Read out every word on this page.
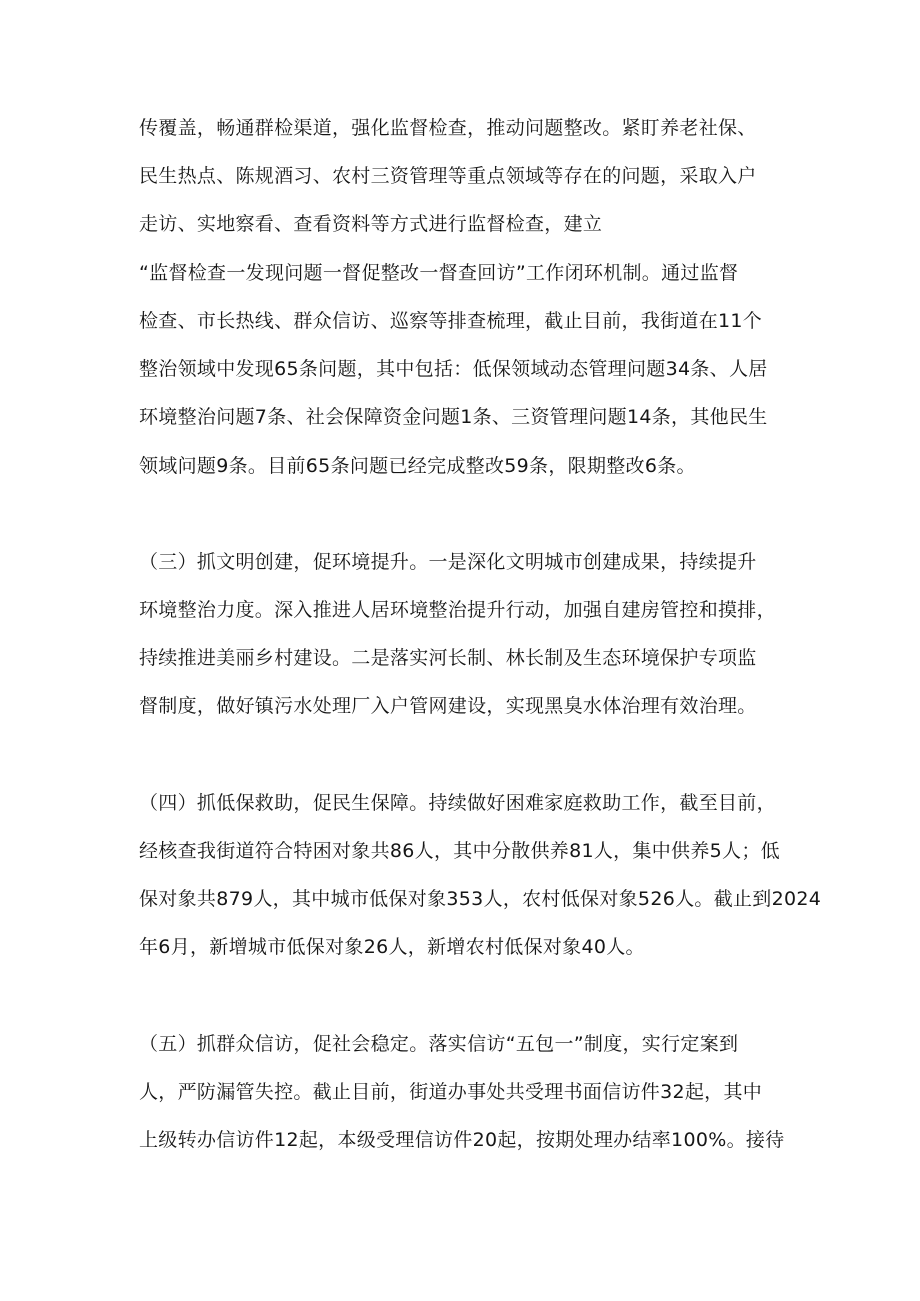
传覆盖，畅通群检渠道，强化监督检查，推动问题整改。紧盯养老社保、
民生热点、陈规酒习、农村三资管理等重点领域等存在的问题，采取入户
走访、实地察看、查看资料等方式进行监督检查，建立
“监督检查一发现问题一督促整改一督查回访”工作闭环机制。通过监督
检查、市长热线、群众信访、巡察等排查梳理，截止目前，我街道在11个
整治领域中发现65条问题，其中包括：低保领域动态管理问题34条、人居
环境整治问题7条、社会保障资金问题1条、三资管理问题14条，其他民生
领域问题9条。目前65条问题已经完成整改59条，限期整改6条。
（三）抓文明创建，促环境提升。一是深化文明城市创建成果，持续提升
环境整治力度。深入推进人居环境整治提升行动，加强自建房管控和摸排，
持续推进美丽乡村建设。二是落实河长制、林长制及生态环境保护专项监
督制度，做好镇污水处理厂入户管网建设，实现黑臭水体治理有效治理。
（四）抓低保救助，促民生保障。持续做好困难家庭救助工作，截至目前，
经核查我街道符合特困对象共86人，其中分散供养81人，集中供养5人；低
保对象共879人，其中城市低保对象353人，农村低保对象526人。截止到2024
年6月，新增城市低保对象26人，新增农村低保对象40人。
（五）抓群众信访，促社会稳定。落实信访“五包一”制度，实行定案到
人，严防漏管失控。截止目前，街道办事处共受理书面信访件32起，其中
上级转办信访件12起，本级受理信访件20起，按期处理办结率100%。接待
